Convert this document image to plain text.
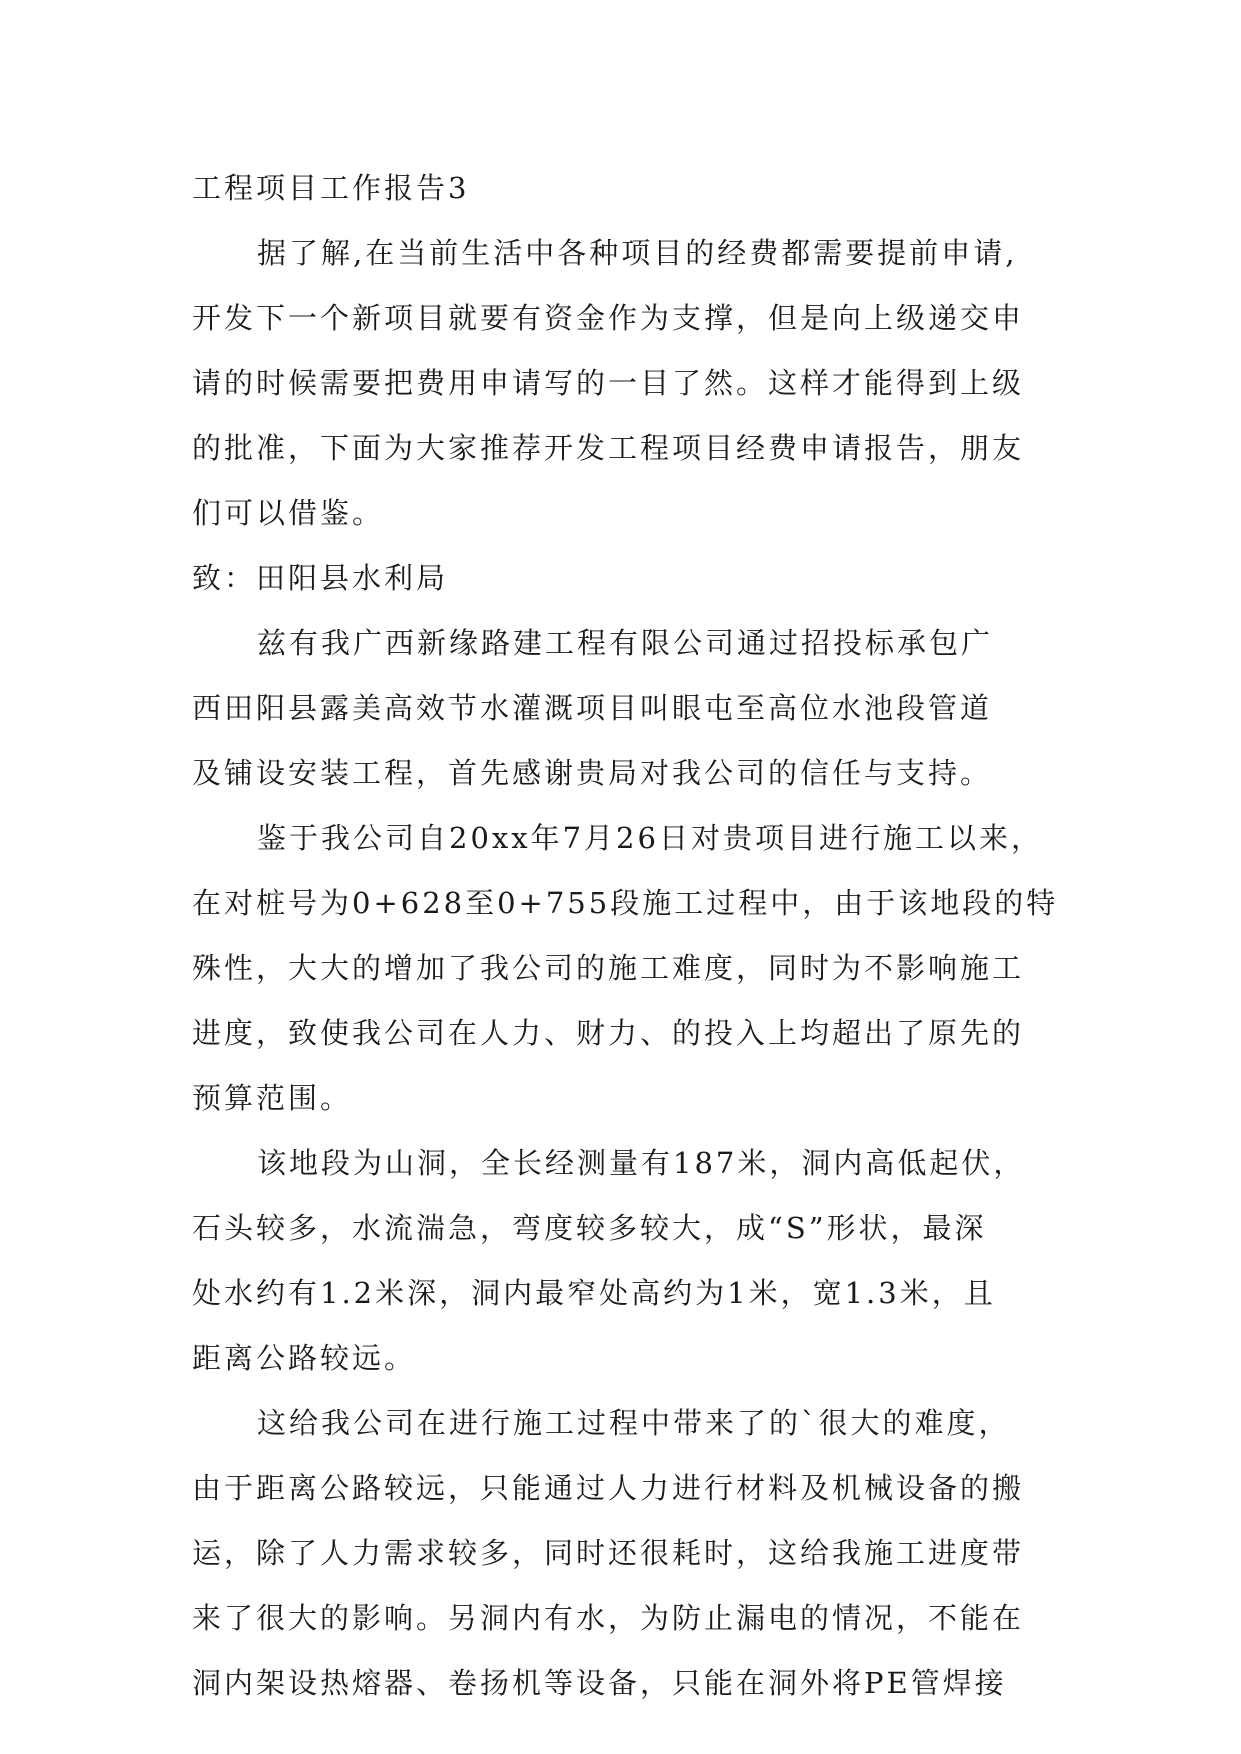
工程项目工作报告3
据了解,在当前生活中各种项目的经费都需要提前申请,
开发下一个新项目就要有资金作为支撑，但是向上级递交申
请的时候需要把费用申请写的一目了然。这样才能得到上级
的批准，下面为大家推荐开发工程项目经费申请报告，朋友
们可以借鉴。
致：田阳县水利局
兹有我广西新缘路建工程有限公司通过招投标承包广
西田阳县露美高效节水灌溉项目叫眼屯至高位水池段管道
及铺设安装工程，首先感谢贵局对我公司的信任与支持。
鉴于我公司自20xx年7月26日对贵项目进行施工以来，
在对桩号为0+628至0+755段施工过程中，由于该地段的特
殊性，大大的增加了我公司的施工难度，同时为不影响施工
进度，致使我公司在人力、财力、的投入上均超出了原先的
预算范围。
该地段为山洞，全长经测量有187米，洞内高低起伏，
石头较多，水流湍急，弯度较多较大，成“S”形状，最深
处水约有1.2米深，洞内最窄处高约为1米，宽1.3米，且
距离公路较远。
这给我公司在进行施工过程中带来了的`很大的难度，
由于距离公路较远，只能通过人力进行材料及机械设备的搬
运，除了人力需求较多，同时还很耗时，这给我施工进度带
来了很大的影响。另洞内有水，为防止漏电的情况，不能在
洞内架设热熔器、卷扬机等设备，只能在洞外将PE管焊接
